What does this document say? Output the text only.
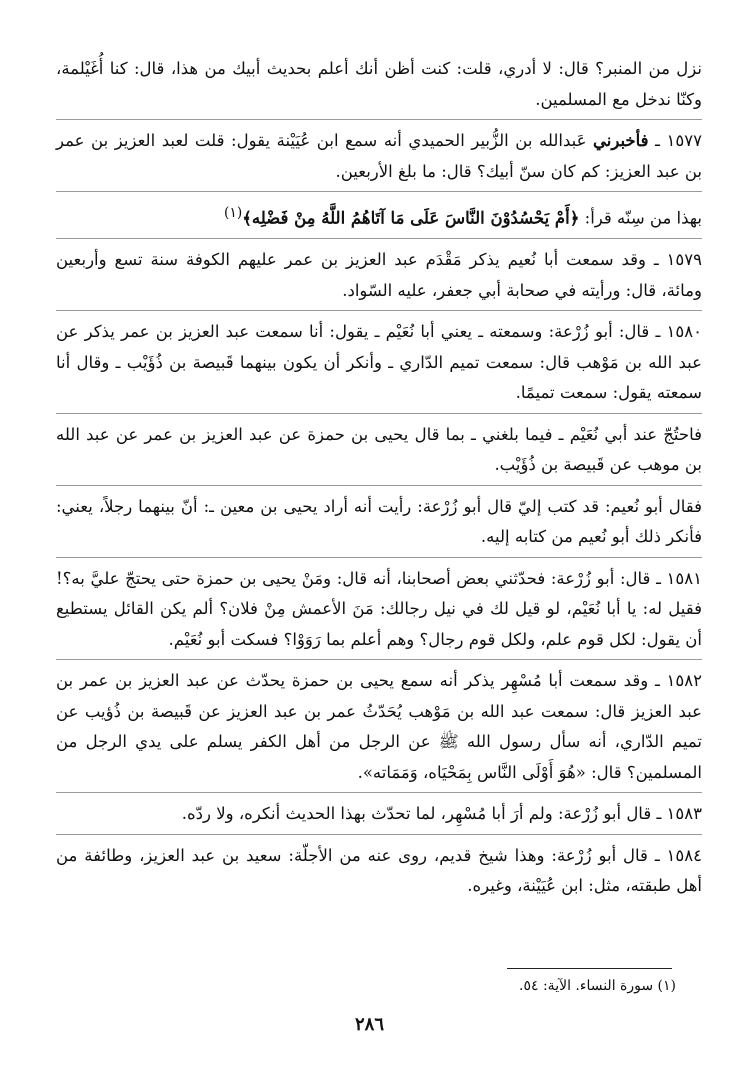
نزل من المنبر؟ قال: لا أدري، قلت: كنت أظن أنك أعلم بحديث أبيك من هذا، قال: كنا أُغَيْلمة، وكنّا ندخل مع المسلمين.

١٥٧٧ ـ فأخبرني عَبدالله بن الزُّبير الحميدي أنه سمع ابن عُيَيْنة يقول: قلت لعبد العزيز بن عمر بن عبد العزيز: كم كان سنّ أبيك؟ قال: ما بلغ الأربعين.

بهذا من سِنّه قرأ: ﴿أَمْ يَحْسُدُوْنَ النَّاسَ عَلَى مَا آتَاهُمُ اللَّهُ مِنْ فَضْلِه﴾$^{(١)}$

١٥٧٩ ـ وقد سمعت أبا نُعيم يذكر مَقْدَم عبد العزيز بن عمر عليهم الكوفة سنة تسع وأربعين ومائة، قال: ورأيته في صحابة أبي جعفر، عليه السّواد.

١٥٨٠ ـ قال: أبو زُرْعة: وسمعته ـ يعني أبا نُعَيْم ـ يقول: أنا سمعت عبد العزيز بن عمر يذكر عن عبد الله بن مَوْهب قال: سمعت تميم الدّاري ـ وأنكر أن يكون بينهما قَبيصة بن ذُؤَيْب ـ وقال أنا سمعته يقول: سمعت تميمًا.

فاحتُجّ عند أبي نُعَيْم ـ فيما بلغني ـ بما قال يحيى بن حمزة عن عبد العزيز بن عمر عن عبد الله بن موهب عن قَبيصة بن ذُؤَيْب.

فقال أبو نُعيم: قد كتب إليّ قال أبو زُرْعة: رأيت أنه أراد يحيى بن معين ـ: أنّ بينهما رجلاً، يعني: فأنكر ذلك أبو نُعيم من كتابه إليه.

١٥٨١ ـ قال: أبو زُرْعة: فحدّثني بعض أصحابنا، أنه قال: ومَنْ يحيى بن حمزة حتى يحتجّ عليَّ به؟! فقيل له: يا أبا نُعَيْم، لو قيل لك في نيل رجالك: مَنَ الأعمش مِنْ فلان؟ ألم يكن القائل يستطيع أن يقول: لكل قوم علم، ولكل قوم رجال؟ وهم أعلم بما رَوَوْا؟ فسكت أبو نُعَيْم.

١٥٨٢ ـ وقد سمعت أبا مُسْهِر يذكر أنه سمع يحيى بن حمزة يحدّث عن عبد العزيز بن عمر بن عبد العزيز قال: سمعت عبد الله بن مَوْهب يُحَدّثُ عمر بن عبد العزيز عن قَبيصة بن ذُؤيب عن تميم الدّاري، أنه سأل رسول الله ﷺ عن الرجل من أهل الكفر يسلم على يدي الرجل من المسلمين؟ قال: «هُوَ أَوْلَى النَّاس بِمَحْيَاه، وَمَمَاته».

١٥٨٣ ـ قال أبو زُرْعة: ولم أرَ أبا مُسْهِر، لما تحدّث بهذا الحديث أنكره، ولا ردّه.

١٥٨٤ ـ قال أبو زُرْعة: وهذا شيخ قديم، روى عنه من الأجلّة: سعيد بن عبد العزيز، وطائفة من أهل طبقته، مثل: ابن عُيَيْنة، وغيره.

(١) سورة النساء. الآية: ٥٤.
٢٨٦
